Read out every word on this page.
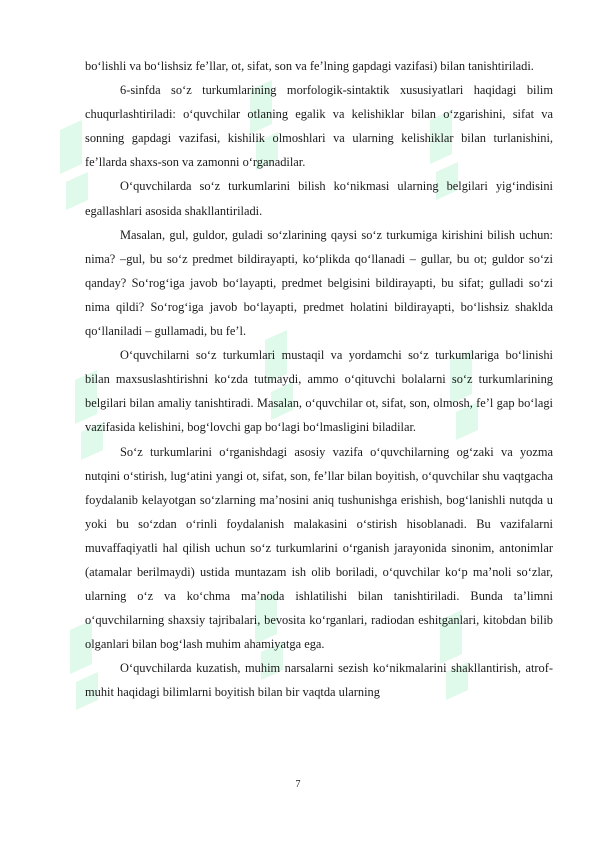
bo‘lishli va bo‘lishsiz fe’llar, ot, sifat, son va fe’lning gapdagi vazifasi) bilan tanishtiriladi.

6-sinfda so‘z turkumlarining morfologik-sintaktik xususiyatlari haqidagi bilim chuqurlashtiriladi: o‘quvchilar otlaning egalik va kelishiklar bilan o‘zgarishini, sifat va sonning gapdagi vazifasi, kishilik olmoshlari va ularning kelishiklar bilan turlanishini, fe’llarda shaxs-son va zamonni o‘rganadilar.

O‘quvchilarda so‘z turkumlarini bilish ko‘nikmasi ularning belgilari yig‘indisini egallashlari asosida shakllantiriladi.

Masalan, gul, guldor, guladi so‘zlarining qaysi so‘z turkumiga kirishini bilish uchun: nima? –gul, bu so‘z predmet bildirayapti, ko‘plikda qo‘llanadi – gullar, bu ot; guldor so‘zi qanday? So‘rog‘iga javob bo‘layapti, predmet belgisini bildirayapti, bu sifat; gulladi so‘zi nima qildi? So‘rog‘iga javob bo‘layapti, predmet holatini bildirayapti, bo‘lishsiz shaklda qo‘llaniladi – gullamadi, bu fe’l.

O‘quvchilarni so‘z turkumlari mustaqil va yordamchi so‘z turkumlariga bo‘linishi bilan maxsuslashtirishni ko‘zda tutmaydi, ammo o‘qituvchi bolalarni so‘z turkumlarining belgilari bilan amaliy tanishtiradi. Masalan, o‘quvchilar ot, sifat, son, olmosh, fe’l gap bo‘lagi vazifasida kelishini, bog‘lovchi gap bo‘lagi bo‘lmasligini biladilar.

So‘z turkumlarini o‘rganishdagi asosiy vazifa o‘quvchilarning og‘zaki va yozma nutqini o‘stirish, lug‘atini yangi ot, sifat, son, fe’llar bilan boyitish, o‘quvchilar shu vaqtgacha foydalanib kelayotgan so‘zlarning ma’nosini aniq tushunishga erishish, bog‘lanishli nutqda u yoki bu so‘zdan o‘rinli foydalanish malakasini o‘stirish hisoblanadi. Bu vazifalarni muvaffaqiyatli hal qilish uchun so‘z turkumlarini o‘rganish jarayonida sinonim, antonimlar (atamalar berilmaydi) ustida muntazam ish olib boriladi, o‘quvchilar ko‘p ma’noli so‘zlar, ularning o‘z va ko‘chma ma’noda ishlatilishi bilan tanishtiriladi. Bunda ta’limni o‘quvchilarning shaxsiy tajribalari, bevosita ko‘rganlari, radiodan eshitganlari, kitobdan bilib olganlari bilan bog‘lash muhim ahamiyatga ega.

O‘quvchilarda kuzatish, muhim narsalarni sezish ko‘nikmalarini shakllantirish, atrof-muhit haqidagi bilimlarni boyitish bilan bir vaqtda ularning

7
